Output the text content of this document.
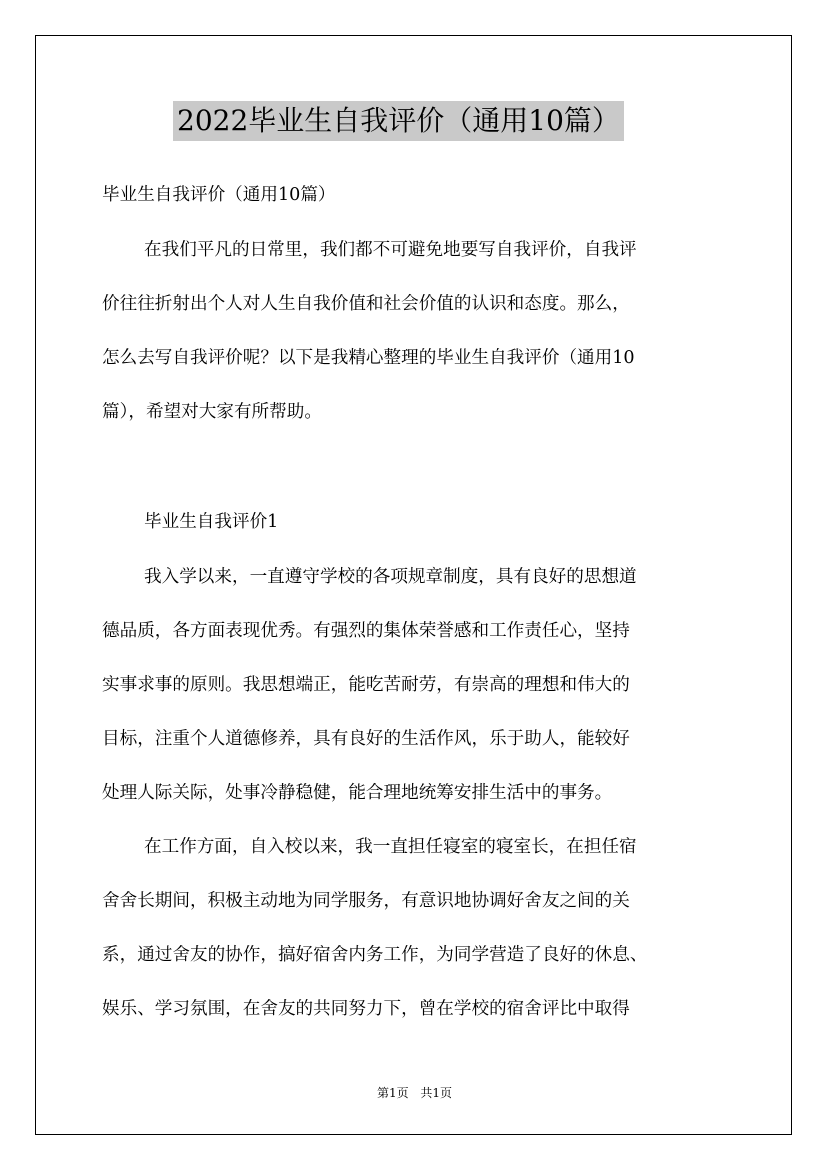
2022毕业生自我评价（通用10篇）
毕业生自我评价（通用10篇）
在我们平凡的日常里，我们都不可避免地要写自我评价，自我评
价往往折射出个人对人生自我价值和社会价值的认识和态度。那么，
怎么去写自我评价呢？以下是我精心整理的毕业生自我评价（通用10
篇），希望对大家有所帮助。
毕业生自我评价1
我入学以来，一直遵守学校的各项规章制度，具有良好的思想道
德品质，各方面表现优秀。有强烈的集体荣誉感和工作责任心，坚持
实事求事的原则。我思想端正，能吃苦耐劳，有崇高的理想和伟大的
目标，注重个人道德修养，具有良好的生活作风，乐于助人，能较好
处理人际关际，处事冷静稳健，能合理地统筹安排生活中的事务。
在工作方面，自入校以来，我一直担任寝室的寝室长，在担任宿
舍舍长期间，积极主动地为同学服务，有意识地协调好舍友之间的关
系，通过舍友的协作，搞好宿舍内务工作，为同学营造了良好的休息、
娱乐、学习氛围，在舍友的共同努力下，曾在学校的宿舍评比中取得
第1页 共1页
